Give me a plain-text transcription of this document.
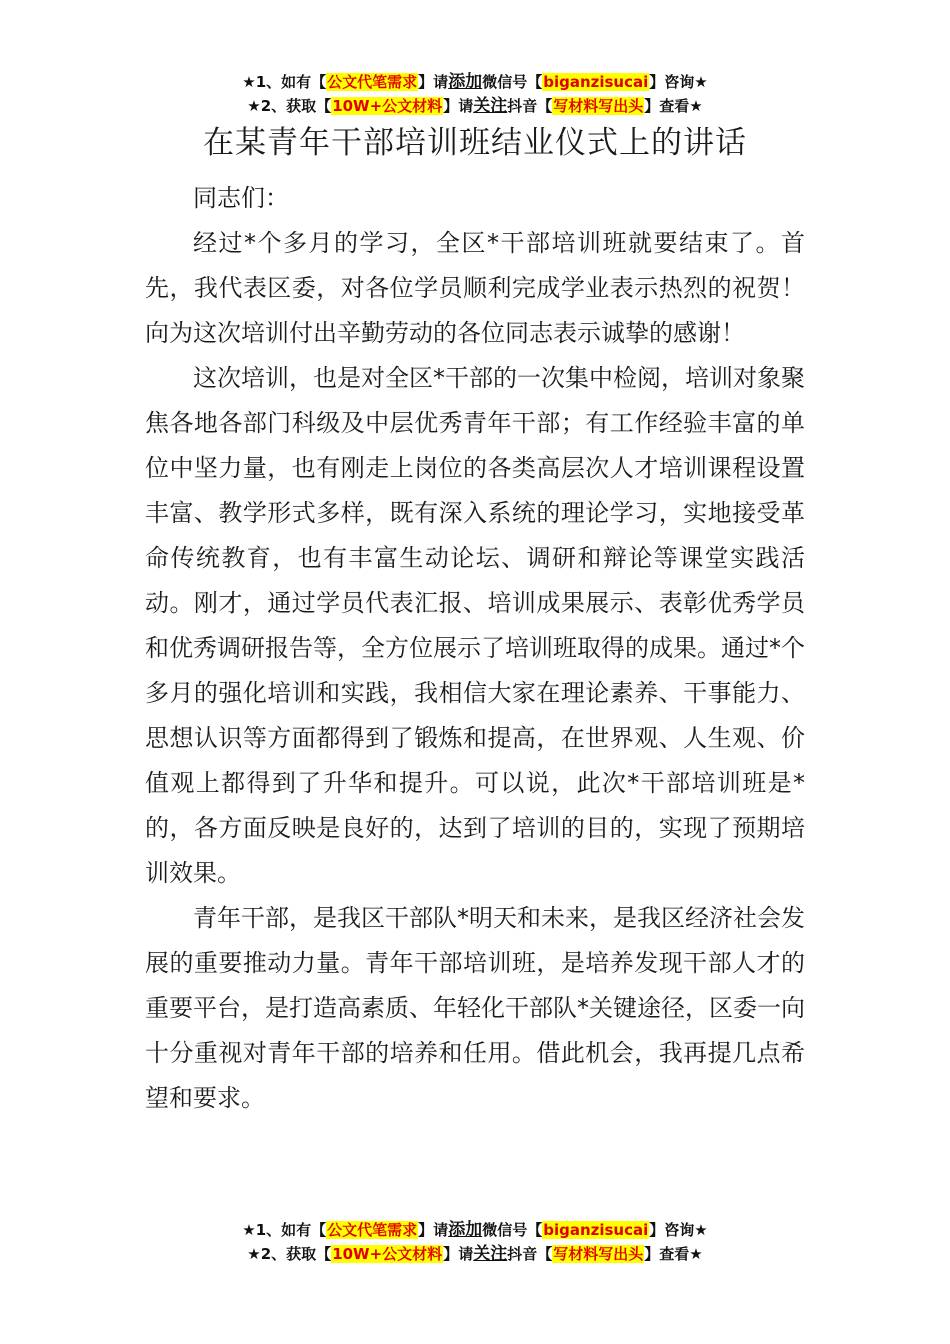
★1、如有【公文代笔需求】请添加微信号【biganzisucai】咨询★
★2、获取【10W+公文材料】请关注抖音【写材料写出头】查看★
在某青年干部培训班结业仪式上的讲话

同志们：

经过*个多月的学习，全区*干部培训班就要结束了。首先，我代表区委，对各位学员顺利完成学业表示热烈的祝贺！向为这次培训付出辛勤劳动的各位同志表示诚挚的感谢！

这次培训，也是对全区*干部的一次集中检阅，培训对象聚焦各地各部门科级及中层优秀青年干部；有工作经验丰富的单位中坚力量，也有刚走上岗位的各类高层次人才培训课程设置丰富、教学形式多样，既有深入系统的理论学习，实地接受革命传统教育，也有丰富生动论坛、调研和辩论等课堂实践活动。刚才，通过学员代表汇报、培训成果展示、表彰优秀学员和优秀调研报告等，全方位展示了培训班取得的成果。通过*个多月的强化培训和实践，我相信大家在理论素养、干事能力、思想认识等方面都得到了锻炼和提高，在世界观、人生观、价值观上都得到了升华和提升。可以说，此次*干部培训班是*的，各方面反映是良好的，达到了培训的目的，实现了预期培训效果。

青年干部，是我区干部队*明天和未来，是我区经济社会发展的重要推动力量。青年干部培训班，是培养发现干部人才的重要平台，是打造高素质、年轻化干部队*关键途径，区委一向十分重视对青年干部的培养和任用。借此机会，我再提几点希望和要求。

★1、如有【公文代笔需求】请添加微信号【biganzisucai】咨询★
★2、获取【10W+公文材料】请关注抖音【写材料写出头】查看★
